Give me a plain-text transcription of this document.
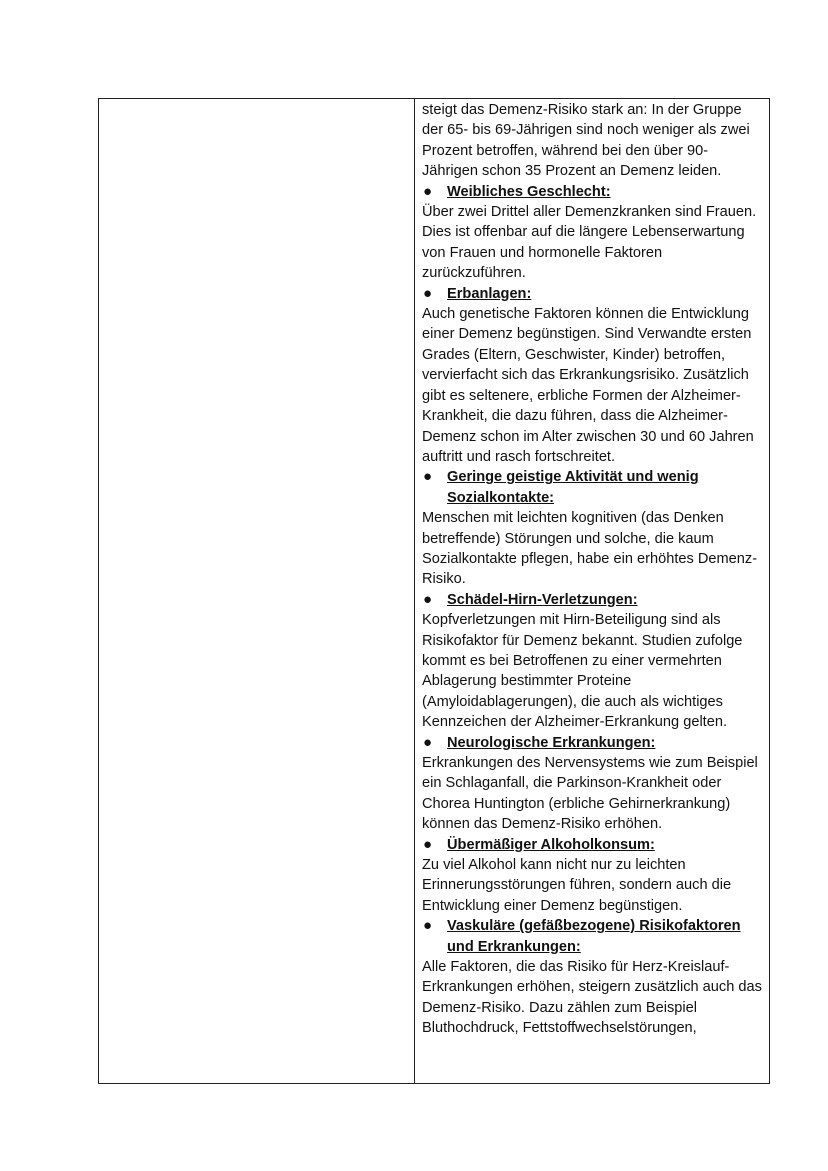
steigt das Demenz-Risiko stark an: In der Gruppe der 65- bis 69-Jährigen sind noch weniger als zwei Prozent betroffen, während bei den über 90-Jährigen schon 35 Prozent an Demenz leiden.

●	Weibliches Geschlecht:

Über zwei Drittel aller Demenzkranken sind Frauen. Dies ist offenbar auf die längere Lebenserwartung von Frauen und hormonelle Faktoren zurückzuführen.

●	Erbanlagen:

Auch genetische Faktoren können die Entwicklung einer Demenz begünstigen. Sind Verwandte ersten Grades (Eltern, Geschwister, Kinder) betroffen, vervierfacht sich das Erkrankungsrisiko. Zusätzlich gibt es seltenere, erbliche Formen der Alzheimer-Krankheit, die dazu führen, dass die Alzheimer-Demenz schon im Alter zwischen 30 und 60 Jahren auftritt und rasch fortschreitet.

●	Geringe geistige Aktivität und wenig Sozialkontakte:

Menschen mit leichten kognitiven (das Denken betreffende) Störungen und solche, die kaum Sozialkontakte pflegen, habe ein erhöhtes Demenz-Risiko.

●	Schädel-Hirn-Verletzungen:

Kopfverletzungen mit Hirn-Beteiligung sind als Risikofaktor für Demenz bekannt. Studien zufolge kommt es bei Betroffenen zu einer vermehrten Ablagerung bestimmter Proteine (Amyloidablagerungen), die auch als wichtiges Kennzeichen der Alzheimer-Erkrankung gelten.

●	Neurologische Erkrankungen:

Erkrankungen des Nervensystems wie zum Beispiel ein Schlaganfall, die Parkinson-Krankheit oder Chorea Huntington (erbliche Gehirnerkrankung) können das Demenz-Risiko erhöhen.

●	Übermäßiger Alkoholkonsum:

Zu viel Alkohol kann nicht nur zu leichten Erinnerungsstörungen führen, sondern auch die Entwicklung einer Demenz begünstigen.

●	Vaskuläre (gefäßbezogene) Risikofaktoren und Erkrankungen:

Alle Faktoren, die das Risiko für Herz-Kreislauf-Erkrankungen erhöhen, steigern zusätzlich auch das Demenz-Risiko. Dazu zählen zum Beispiel Bluthochdruck, Fettstoffwechselstörungen,
